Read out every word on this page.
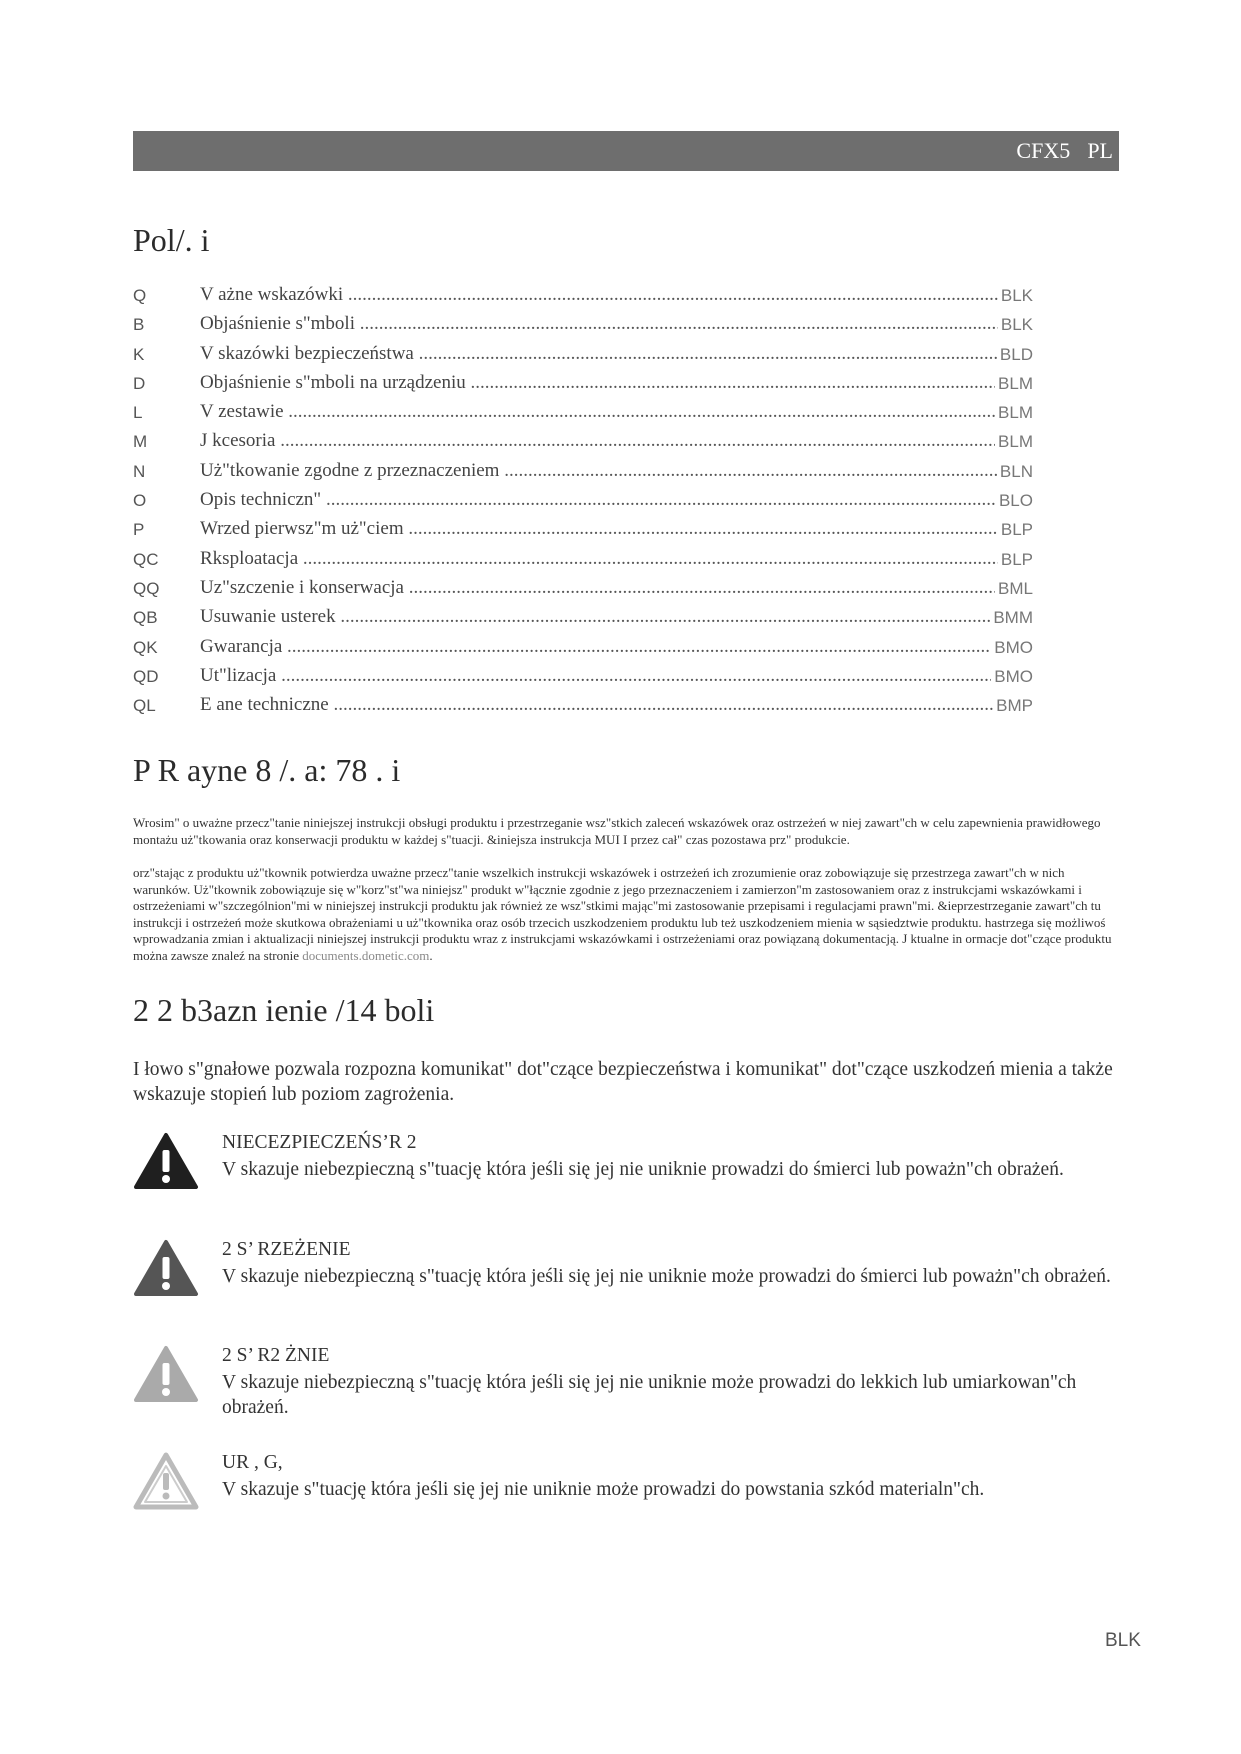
CFX5 PL
Pol/. i
Q	V ażne wskazówki .....	BLK
B	Objaśnienie s"mboli .....	BLK
K	V skazówki bezpieczeństwa .....	BLD
D	Objaśnienie s"mboli na urządzeniu .....	BLM
L	V zestawie .....	BLM
M	J kcesoria .....	BLM
N	Uż"tkowanie zgodne z przeznaczeniem .....	BLN
O	Opis techniczn" .....	BLO
P	Wrzed pierwsz"m uż"ciem .....	BLP
QC Rksploatacja .....	BLP
QQ Uz"szczenie i konserwacja .....	BML
QB Usuwanie usterek .....	BMM
QK Gwarancja .....	BMO
QD Ut"lizacja .....	BMO
QL E ane techniczne .....	BMP
P R ayne 8 /. a: 78 . i

Wrosim" o uważne przecz"tanie niniejszej instrukcji obsługi produktu i przestrzeganie wsz"stkich zaleceń wskazówek oraz ostrzeżeń w niej zawart"ch w celu zapewnienia prawidłowego montażu uż"tkowania oraz konserwacji produktu w każdej s"tuacji. &iniejsza instrukcja MUI I przez cał" czas pozostawa prz" produkcie.

orz"stając z produktu uż"tkownik potwierdza uważne przecz"tanie wszelkich instrukcji wskazówek i ostrzeżeń ich zrozumienie oraz zobowiązuje się przestrzega zawart"ch w nich warunków. Uż"tkownik zobowiązuje się w"korz"st"wa niniejsz" produkt w"łącznie zgodnie z jego przeznaczeniem i zamierzon"m zastosowaniem oraz z instrukcjami wskazówkami i ostrzeżeniami w"szczególnion"mi w niniejszej instrukcji produktu jak również ze wsz"stkimi mając"mi zastosowanie przepisami i regulacjami prawn"mi. &ieprzestrzeganie zawart"ch tu instrukcji i ostrzeżeń może skutkowa obrażeniami u uż"tkownika oraz osób trzecich uszkodzeniem produktu lub też uszkodzeniem mienia w sąsiedztwie produktu. hastrzega się możliwoś wprowadzania zmian i aktualizacji niniejszej instrukcji produktu wraz z instrukcjami wskazówkami i ostrzeżeniami oraz powiązaną dokumentacją. J ktualne in ormacje dot"czące produktu można zawsze znaleź na stronie documents.dometic.com.

2 2 b3azn ienie /14 boli

I łowo s"gnałowe pozwala rozpozna komunikat" dot"czące bezpieczeństwa i komunikat" dot"czące uszkodzeń mienia a także wskazuje stopień lub poziom zagrożenia.

NIECEZPIECZEŃS’R 2 

V skazuje niebezpieczną s"tuację która jeśli się jej nie uniknie prowadzi do śmierci lub poważn"ch obrażeń.

2 S’ RZEŻENIE 

V skazuje niebezpieczną s"tuację która jeśli się jej nie uniknie może prowadzi do śmierci lub poważn"ch obrażeń.

2 S’ R2 ŻNIE 

V skazuje niebezpieczną s"tuację która jeśli się jej nie uniknie może prowadzi do lekkich lub umiarkowan"ch obrażeń.

UR , G,  

V skazuje s"tuację która jeśli się jej nie uniknie może prowadzi do powstania szkód materialn"ch.

BLK
